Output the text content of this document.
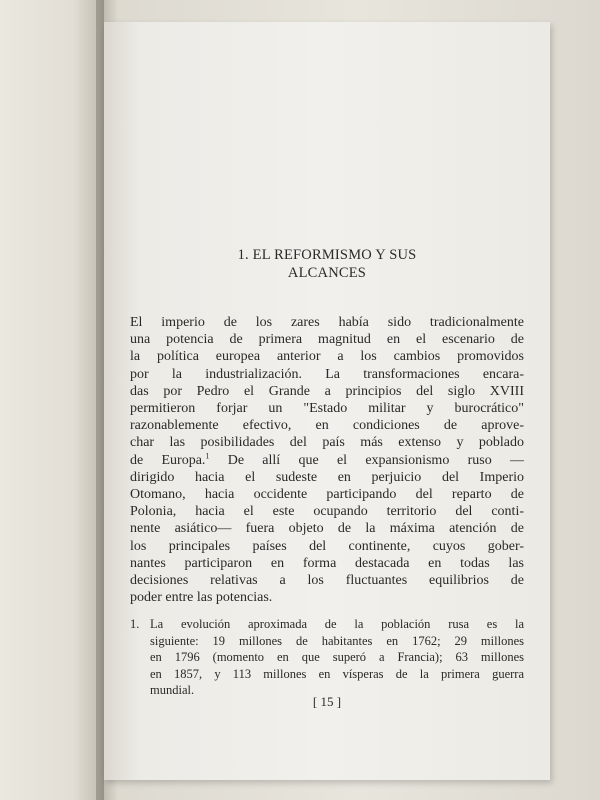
1. EL REFORMISMO Y SUS
ALCANCES
El imperio de los zares había sido tradicionalmente
una potencia de primera magnitud en el escenario de
la política europea anterior a los cambios promovidos
por la industrialización. La transformaciones encara-
das por Pedro el Grande a principios del siglo XVIII
permitieron forjar un "Estado militar y burocrático"
razonablemente efectivo, en condiciones de aprove-
char las posibilidades del país más extenso y poblado
de Europa.$^1$ De allí que el expansionismo ruso —
dirigido hacia el sudeste en perjuicio del Imperio
Otomano, hacia occidente participando del reparto de
Polonia, hacia el este ocupando territorio del conti-
nente asiático— fuera objeto de la máxima atención de
los principales países del continente, cuyos gober-
nantes participaron en forma destacada en todas las
decisiones relativas a los fluctuantes equilibrios de
poder entre las potencias.
1. La evolución aproximada de la población rusa es la
siguiente: 19 millones de habitantes en 1762; 29 millones
en 1796 (momento en que superó a Francia); 63 millones
en 1857, y 113 millones en vísperas de la primera guerra
mundial.
[ 15 ]
